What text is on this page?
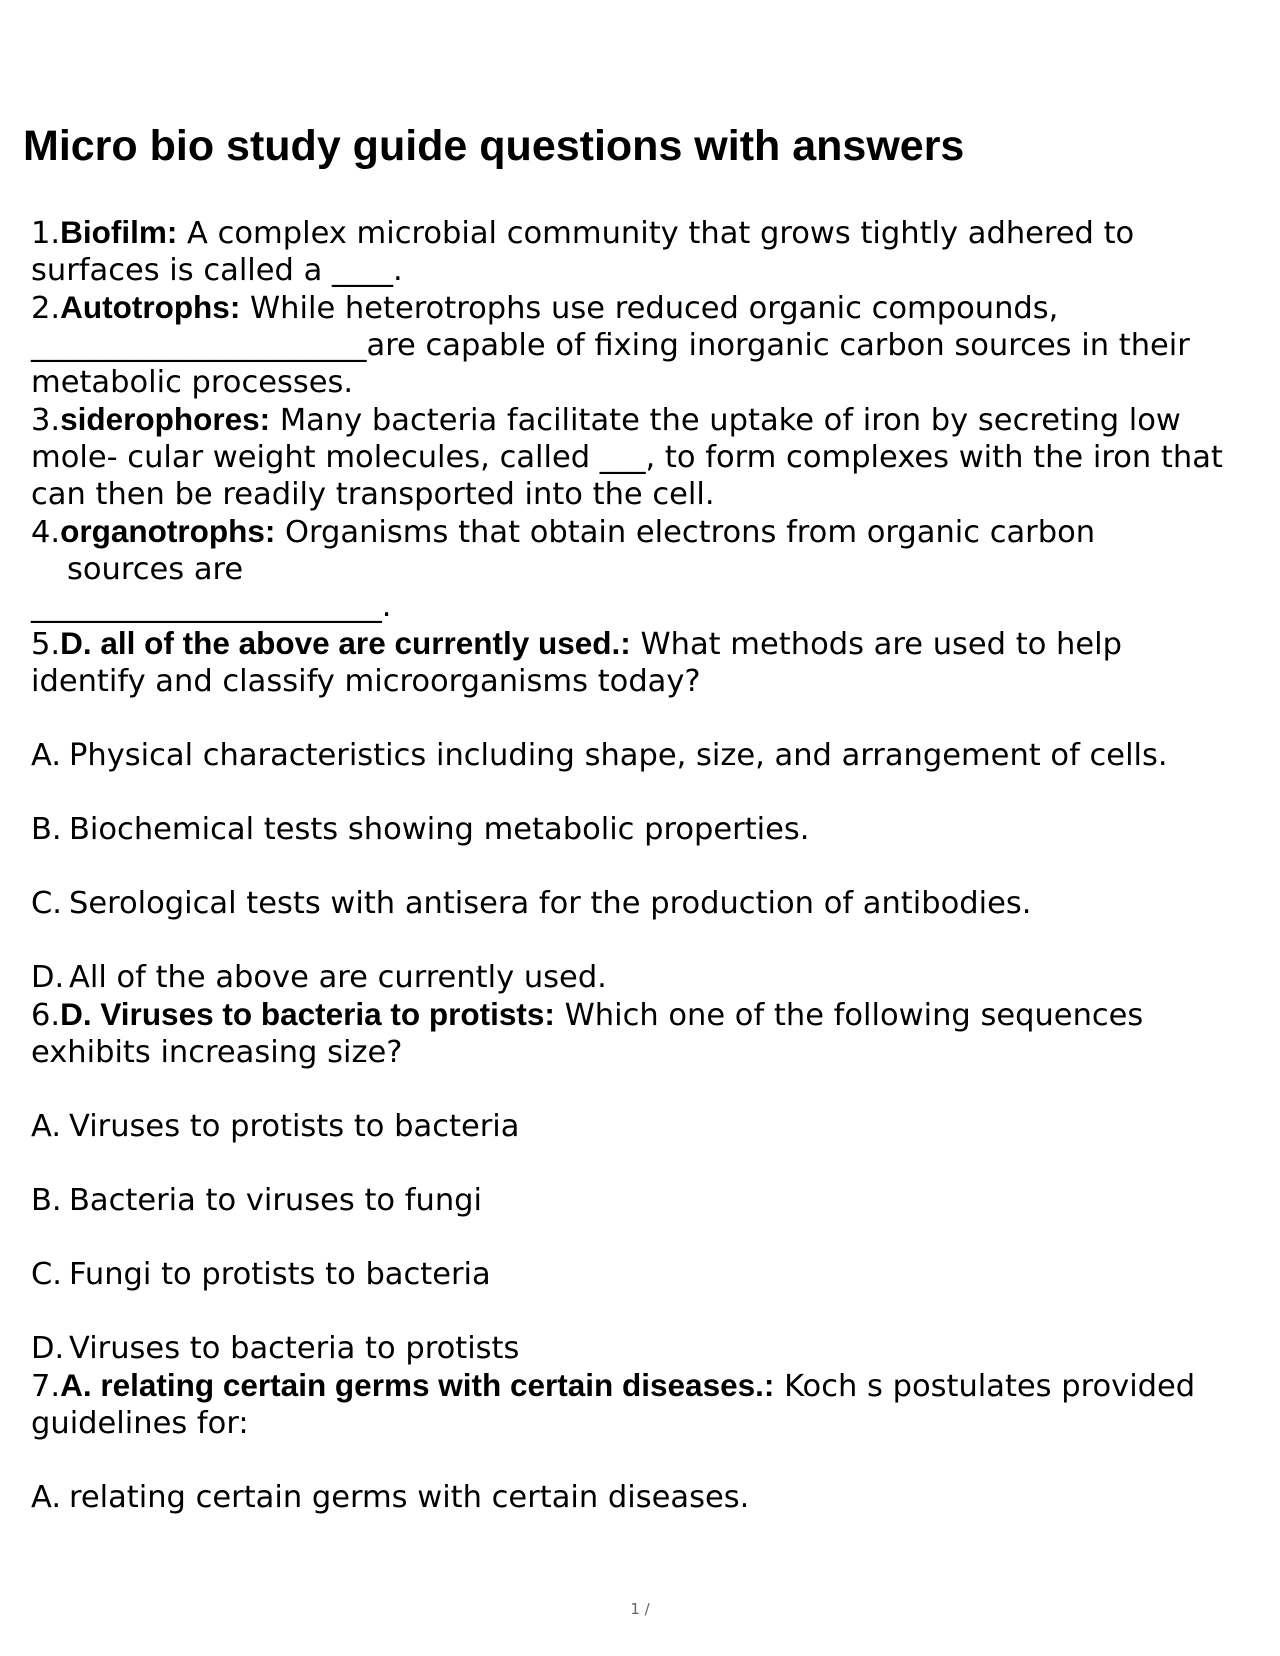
Micro bio study guide questions with answers
1.Biofilm: A complex microbial community that grows tightly adhered to surfaces is called a ____.
2.Autotrophs: While heterotrophs use reduced organic compounds,
______________________are capable of fixing inorganic carbon sources in their metabolic processes.
3.siderophores: Many bacteria facilitate the uptake of iron by secreting low mole- cular weight molecules, called ___, to form complexes with the iron that can then be readily transported into the cell.
4.organotrophs: Organisms that obtain electrons from organic carbon
sources are
_______________________.
5.D. all of the above are currently used.: What methods are used to help identify and classify microorganisms today?
A. Physical characteristics including shape, size, and arrangement of cells.
B. Biochemical tests showing metabolic properties.
C. Serological tests with antisera for the production of antibodies.
D. All of the above are currently used.
6.D. Viruses to bacteria to protists: Which one of the following sequences exhibits increasing size?
A. Viruses to protists to bacteria
B. Bacteria to viruses to fungi
C. Fungi to protists to bacteria
D. Viruses to bacteria to protists
7.A. relating certain germs with certain diseases.: Koch s postulates provided guidelines for:
A. relating certain germs with certain diseases.
1 /
